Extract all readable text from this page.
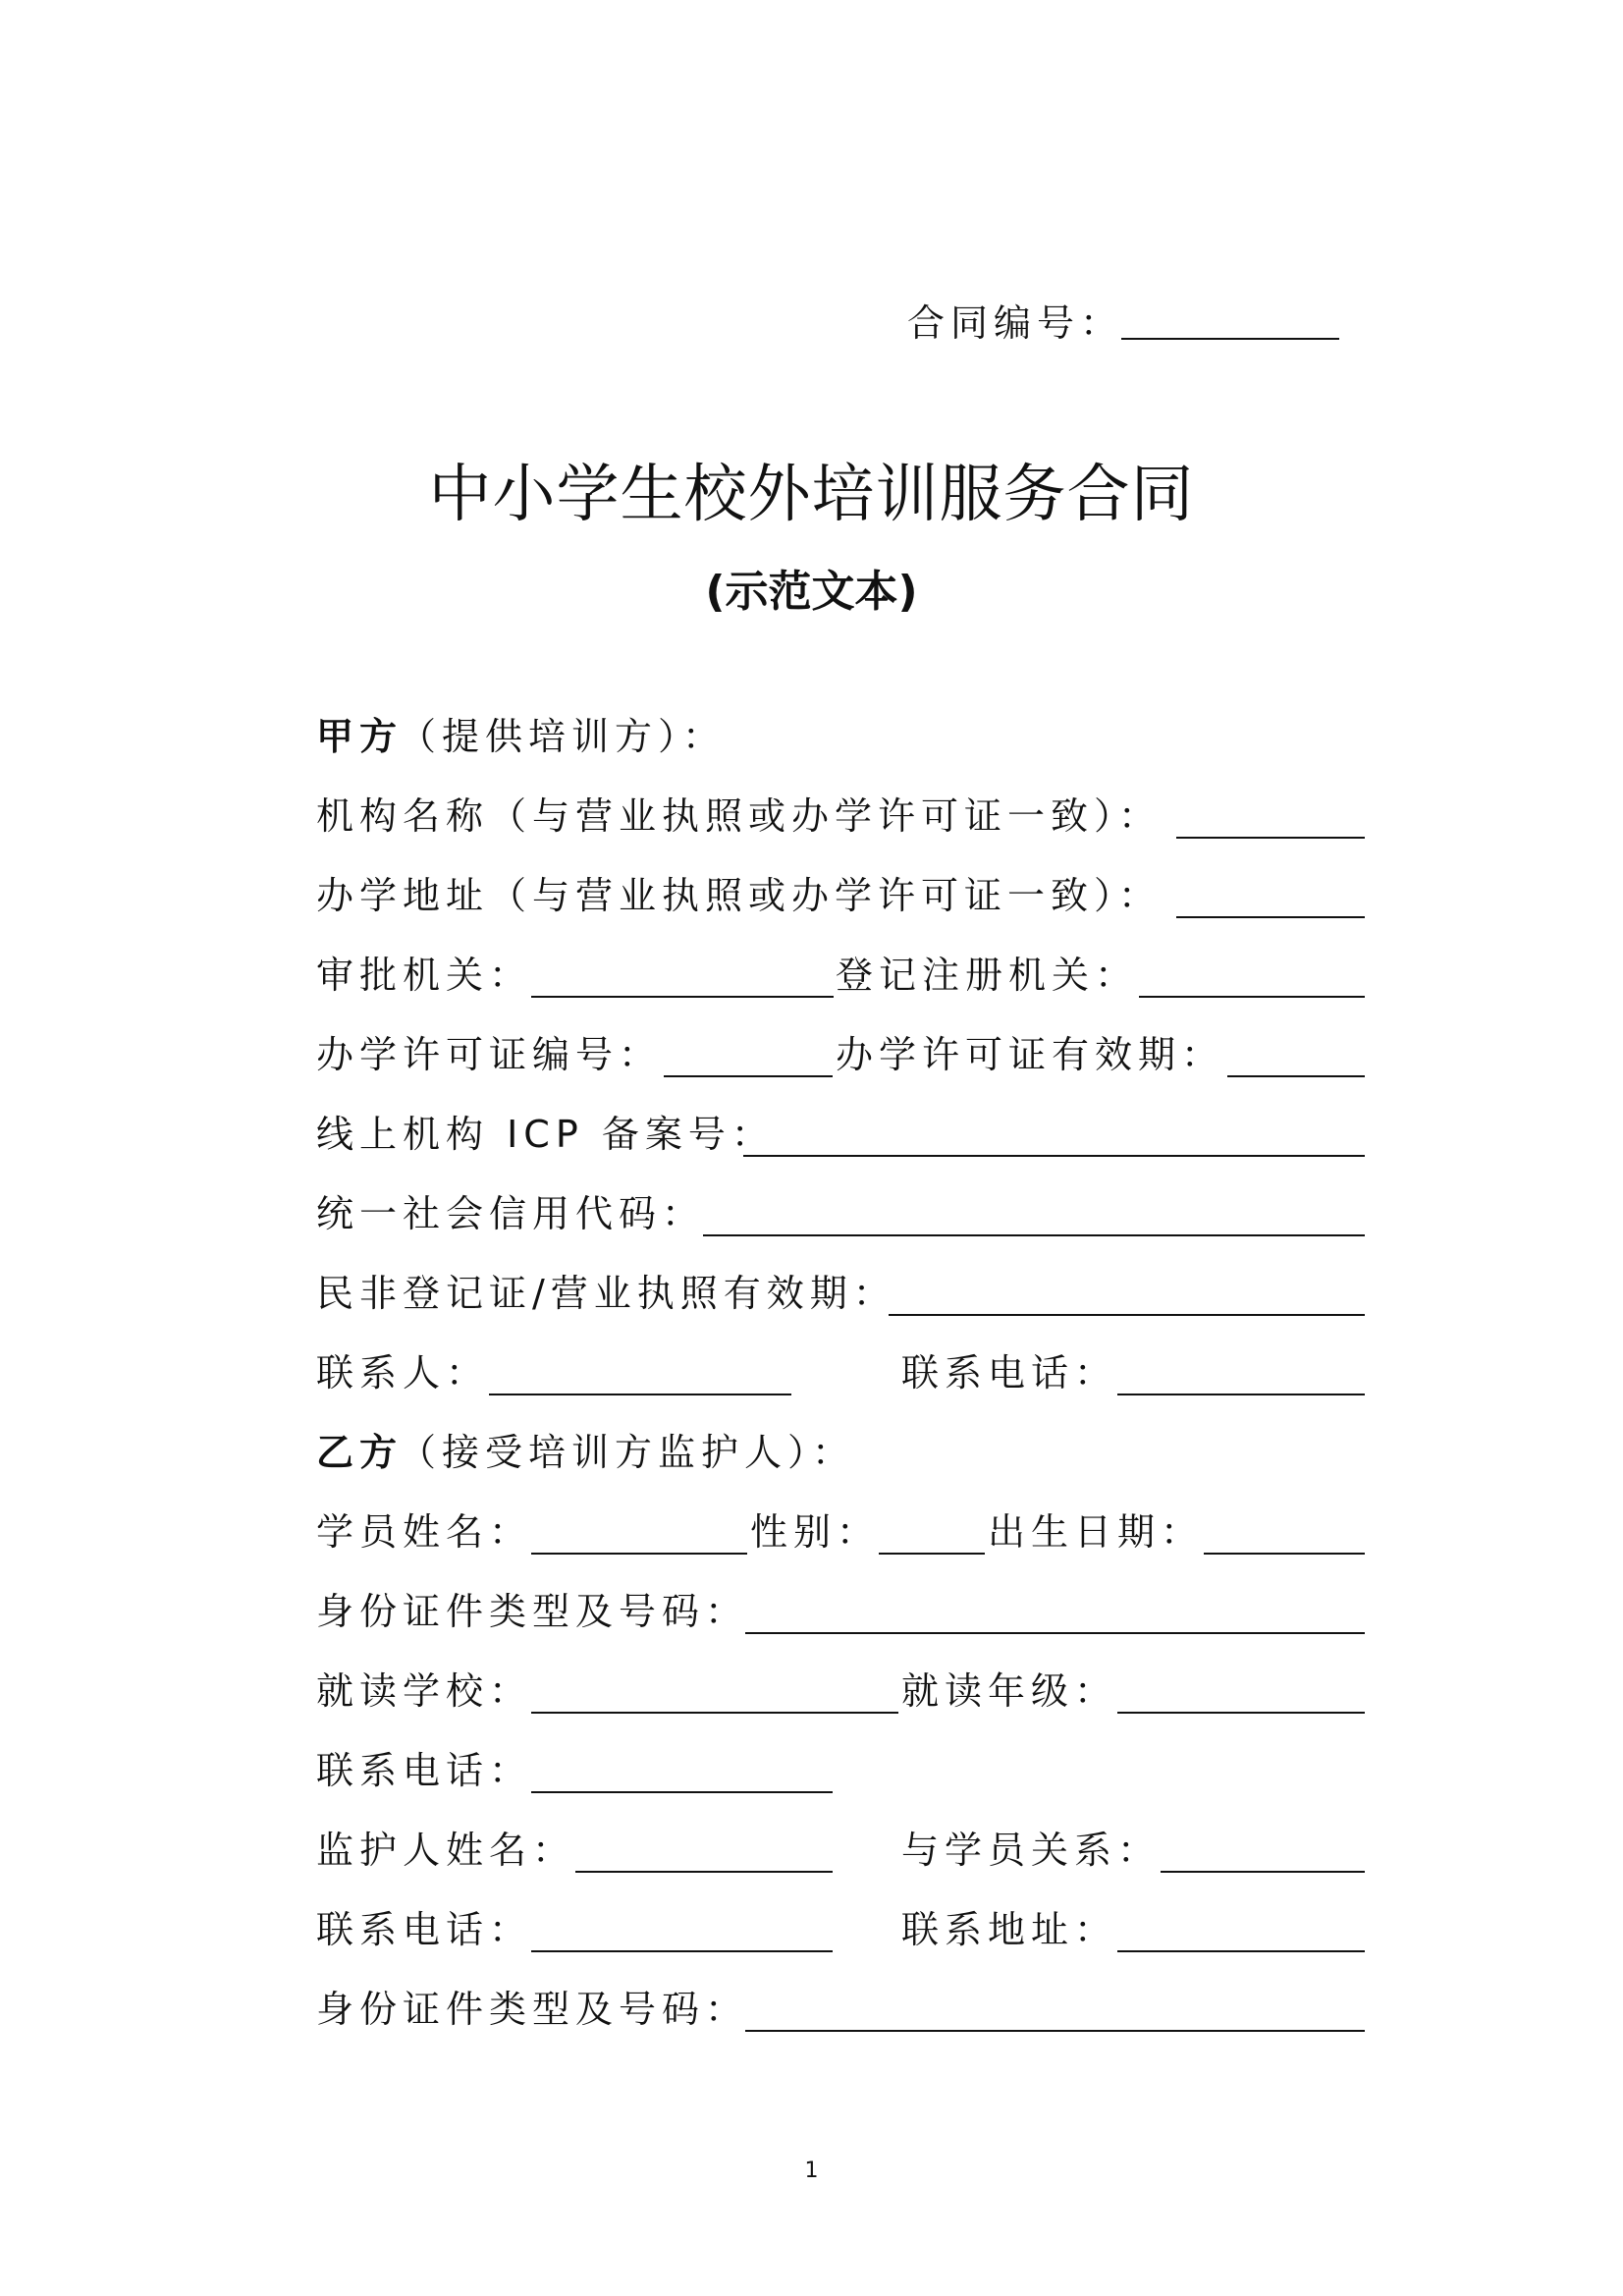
合同编号：
中小学生校外培训服务合同
(示范文本)
甲方
（提供培训方）：
机构名称（与营业执照或办学许可证一致）：
办学地址（与营业执照或办学许可证一致）：
审批机关：	登记注册机关：
办学许可证编号：	办学许可证有效期：
线上机构 ICP 备案号：
统一社会信用代码：
民非登记证/营业执照有效期：
联系人：	联系电话：
乙方
（接受培训方监护人）：
学员姓名：	性别：	出生日期：
身份证件类型及号码：
就读学校：	就读年级：
联系电话：
监护人姓名：	与学员关系：
联系电话：	联系地址：
身份证件类型及号码：
1
